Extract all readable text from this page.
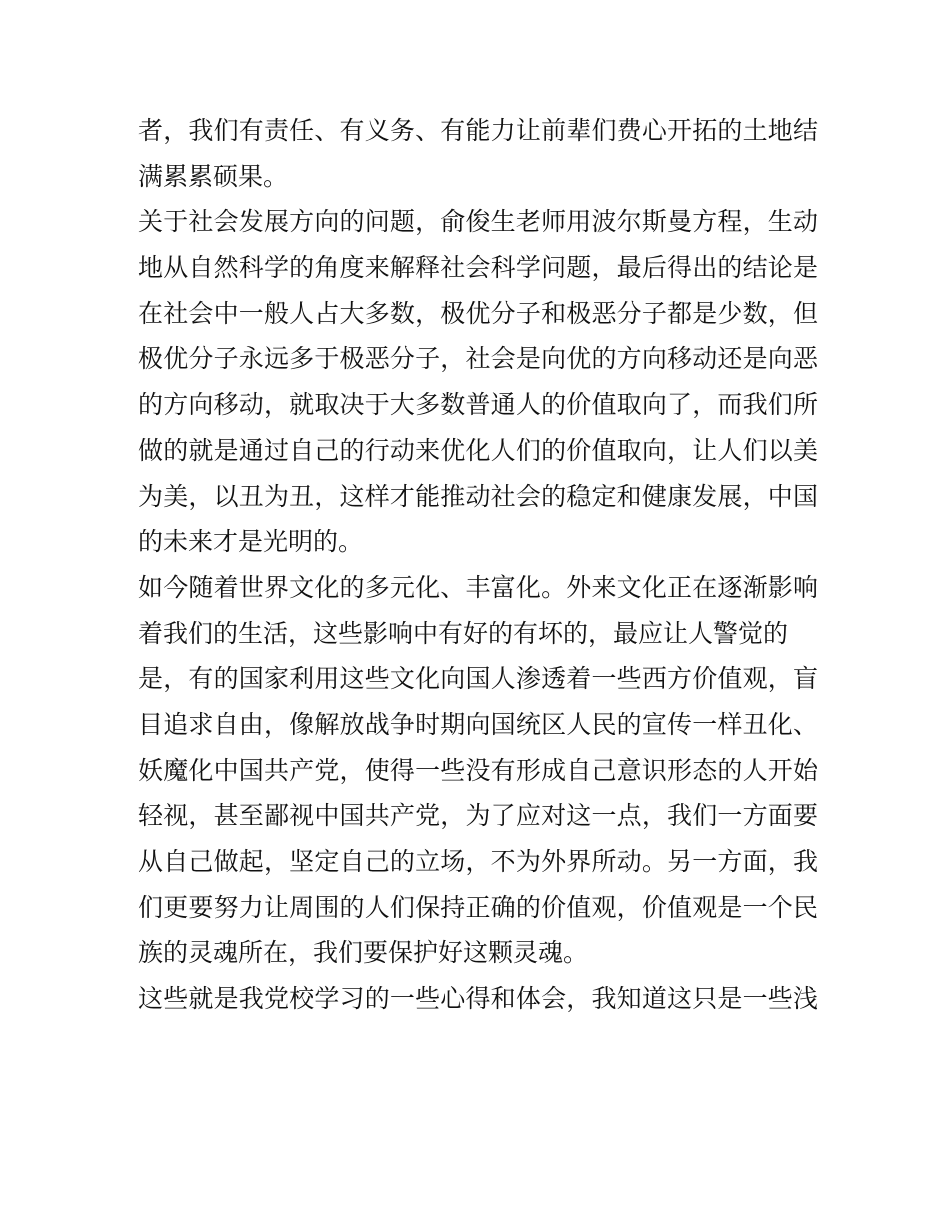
者，我们有责任、有义务、有能力让前辈们费心开拓的土地结
满累累硕果。
关于社会发展方向的问题，俞俊生老师用波尔斯曼方程，生动
地从自然科学的角度来解释社会科学问题，最后得出的结论是
在社会中一般人占大多数，极优分子和极恶分子都是少数，但
极优分子永远多于极恶分子，社会是向优的方向移动还是向恶
的方向移动，就取决于大多数普通人的价值取向了，而我们所
做的就是通过自己的行动来优化人们的价值取向，让人们以美
为美，以丑为丑，这样才能推动社会的稳定和健康发展，中国
的未来才是光明的。
如今随着世界文化的多元化、丰富化。外来文化正在逐渐影响
着我们的生活，这些影响中有好的有坏的，最应让人警觉的
是，有的国家利用这些文化向国人渗透着一些西方价值观，盲
目追求自由，像解放战争时期向国统区人民的宣传一样丑化、
妖魔化中国共产党，使得一些没有形成自己意识形态的人开始
轻视，甚至鄙视中国共产党，为了应对这一点，我们一方面要
从自己做起，坚定自己的立场，不为外界所动。另一方面，我
们更要努力让周围的人们保持正确的价值观，价值观是一个民
族的灵魂所在，我们要保护好这颗灵魂。
这些就是我党校学习的一些心得和体会，我知道这只是一些浅
